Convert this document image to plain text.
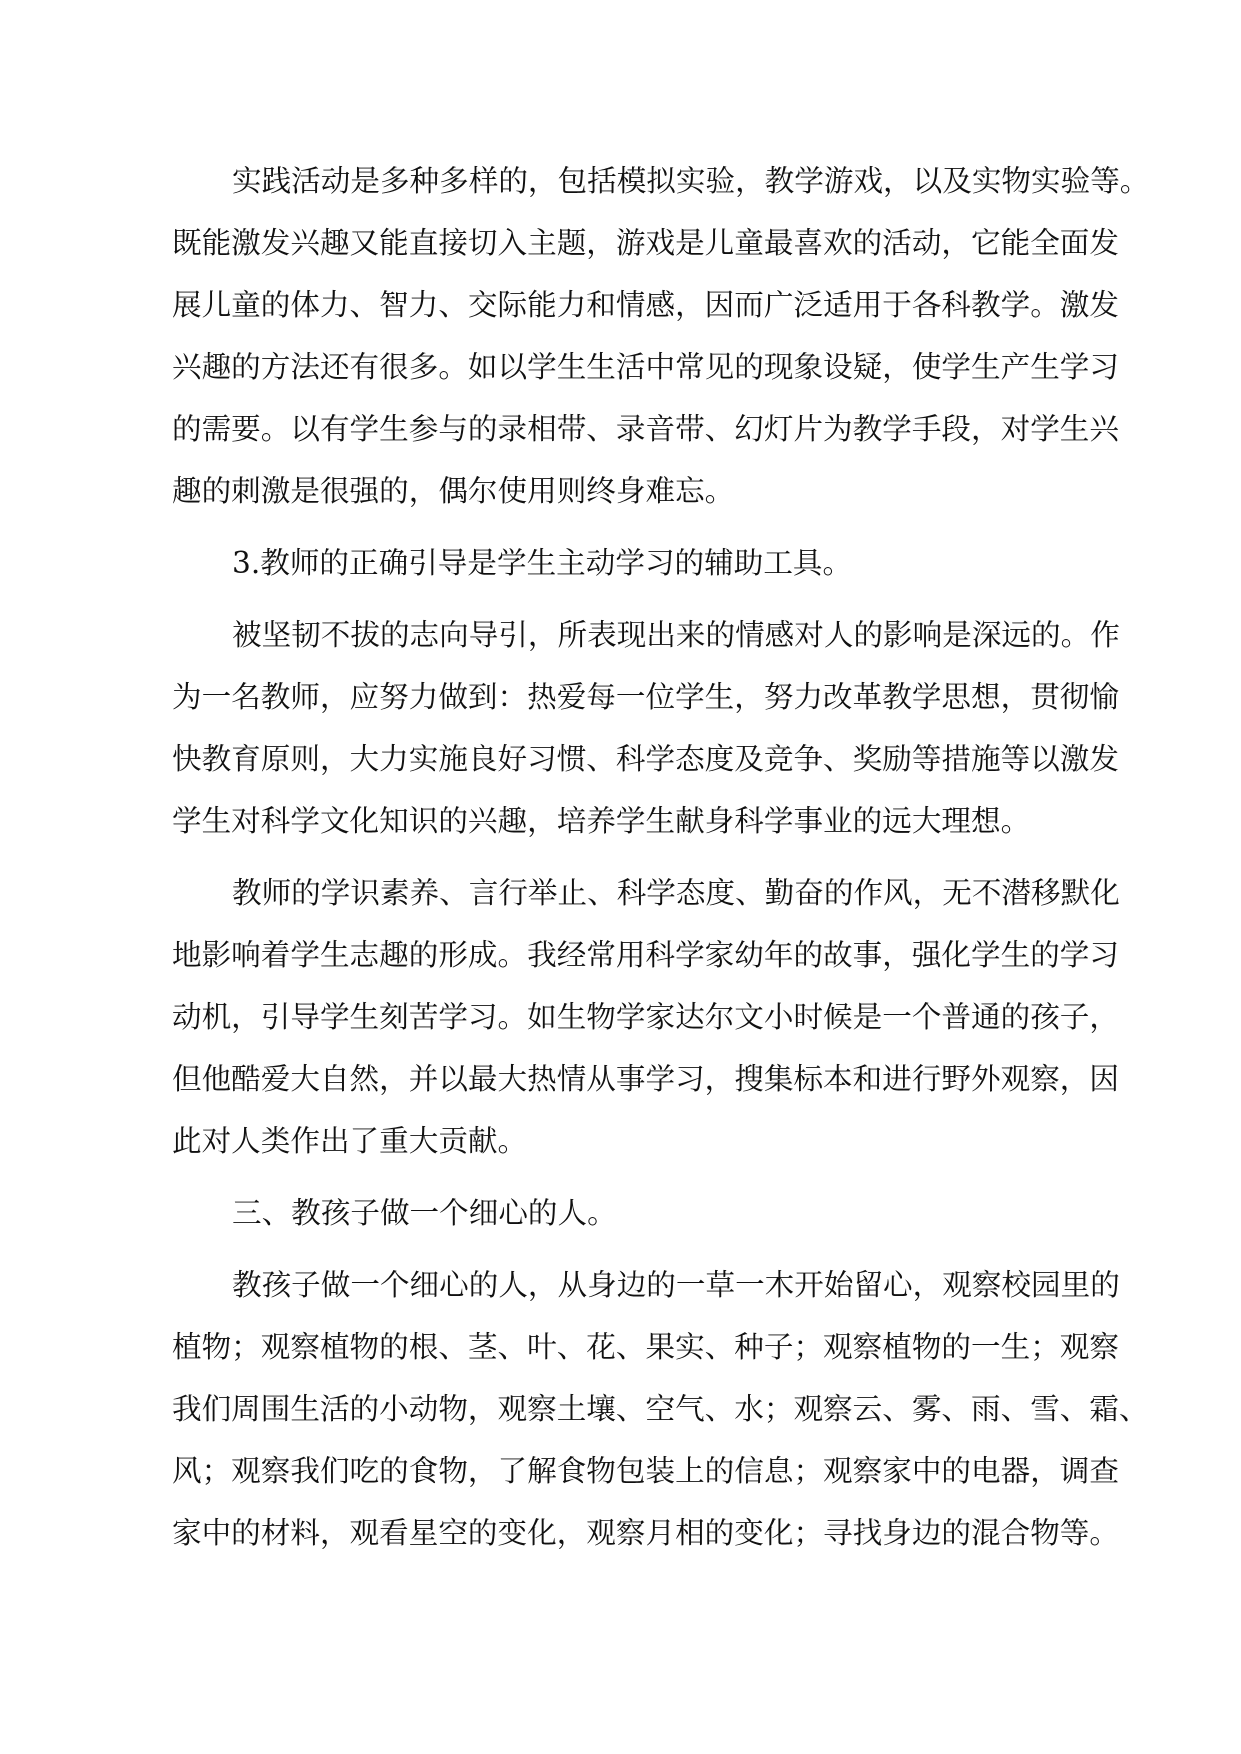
实践活动是多种多样的，包括模拟实验，教学游戏，以及实物实验等。
既能激发兴趣又能直接切入主题，游戏是儿童最喜欢的活动，它能全面发
展儿童的体力、智力、交际能力和情感，因而广泛适用于各科教学。激发
兴趣的方法还有很多。如以学生生活中常见的现象设疑，使学生产生学习
的需要。以有学生参与的录相带、录音带、幻灯片为教学手段，对学生兴
趣的刺激是很强的，偶尔使用则终身难忘。
3.教师的正确引导是学生主动学习的辅助工具。
被坚韧不拔的志向导引，所表现出来的情感对人的影响是深远的。作
为一名教师，应努力做到：热爱每一位学生，努力改革教学思想，贯彻愉
快教育原则，大力实施良好习惯、科学态度及竞争、奖励等措施等以激发
学生对科学文化知识的兴趣，培养学生献身科学事业的远大理想。
教师的学识素养、言行举止、科学态度、勤奋的作风，无不潜移默化
地影响着学生志趣的形成。我经常用科学家幼年的故事，强化学生的学习
动机，引导学生刻苦学习。如生物学家达尔文小时候是一个普通的孩子，
但他酷爱大自然，并以最大热情从事学习，搜集标本和进行野外观察，因
此对人类作出了重大贡献。
三、教孩子做一个细心的人。
教孩子做一个细心的人，从身边的一草一木开始留心，观察校园里的
植物；观察植物的根、茎、叶、花、果实、种子；观察植物的一生；观察
我们周围生活的小动物，观察土壤、空气、水；观察云、雾、雨、雪、霜、
风；观察我们吃的食物，了解食物包装上的信息；观察家中的电器，调查
家中的材料，观看星空的变化，观察月相的变化；寻找身边的混合物等。
